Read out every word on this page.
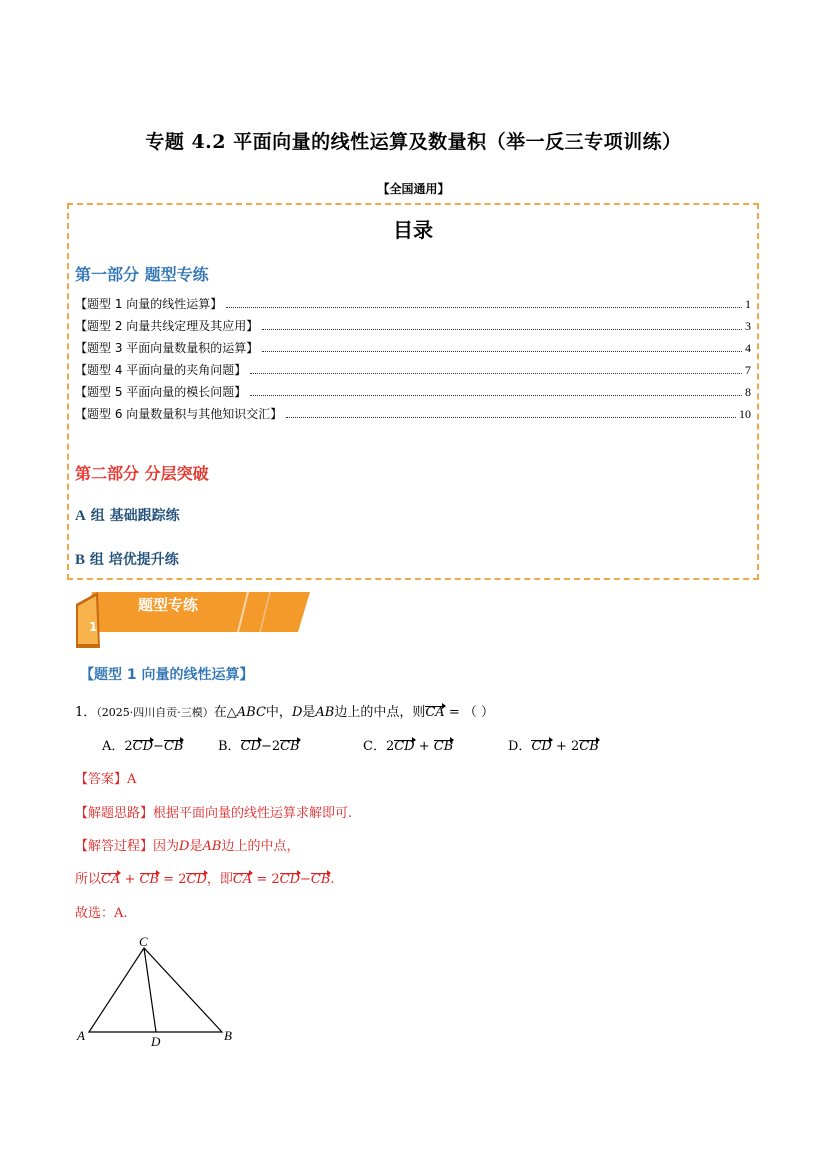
专题 4.2 平面向量的线性运算及数量积（举一反三专项训练）
【全国通用】
目录
第一部分 题型专练
【题型 1 向量的线性运算】	1
【题型 2 向量共线定理及其应用】	3
【题型 3 平面向量数量积的运算】	4
【题型 4 平面向量的夹角问题】	7
【题型 5 平面向量的模长问题】	8
【题型 6 向量数量积与其他知识交汇】	10
第二部分 分层突破
A 组 基础跟踪练
B 组 培优提升练
题型专练
1
【题型 1 向量的线性运算】
1．（2025·四川自贡·三模）在△ABC中，D是AB边上的中点，则CA = （ ）
A．2CD−CB	B．CD−2CB	C．2CD + CB	D．CD + 2CB
【答案】A
【解题思路】根据平面向量的线性运算求解即可.
【解答过程】因为D是AB边上的中点，
所以CA + CB = 2CD，即CA = 2CD−CB.
故选：A.
C
A	D	B
